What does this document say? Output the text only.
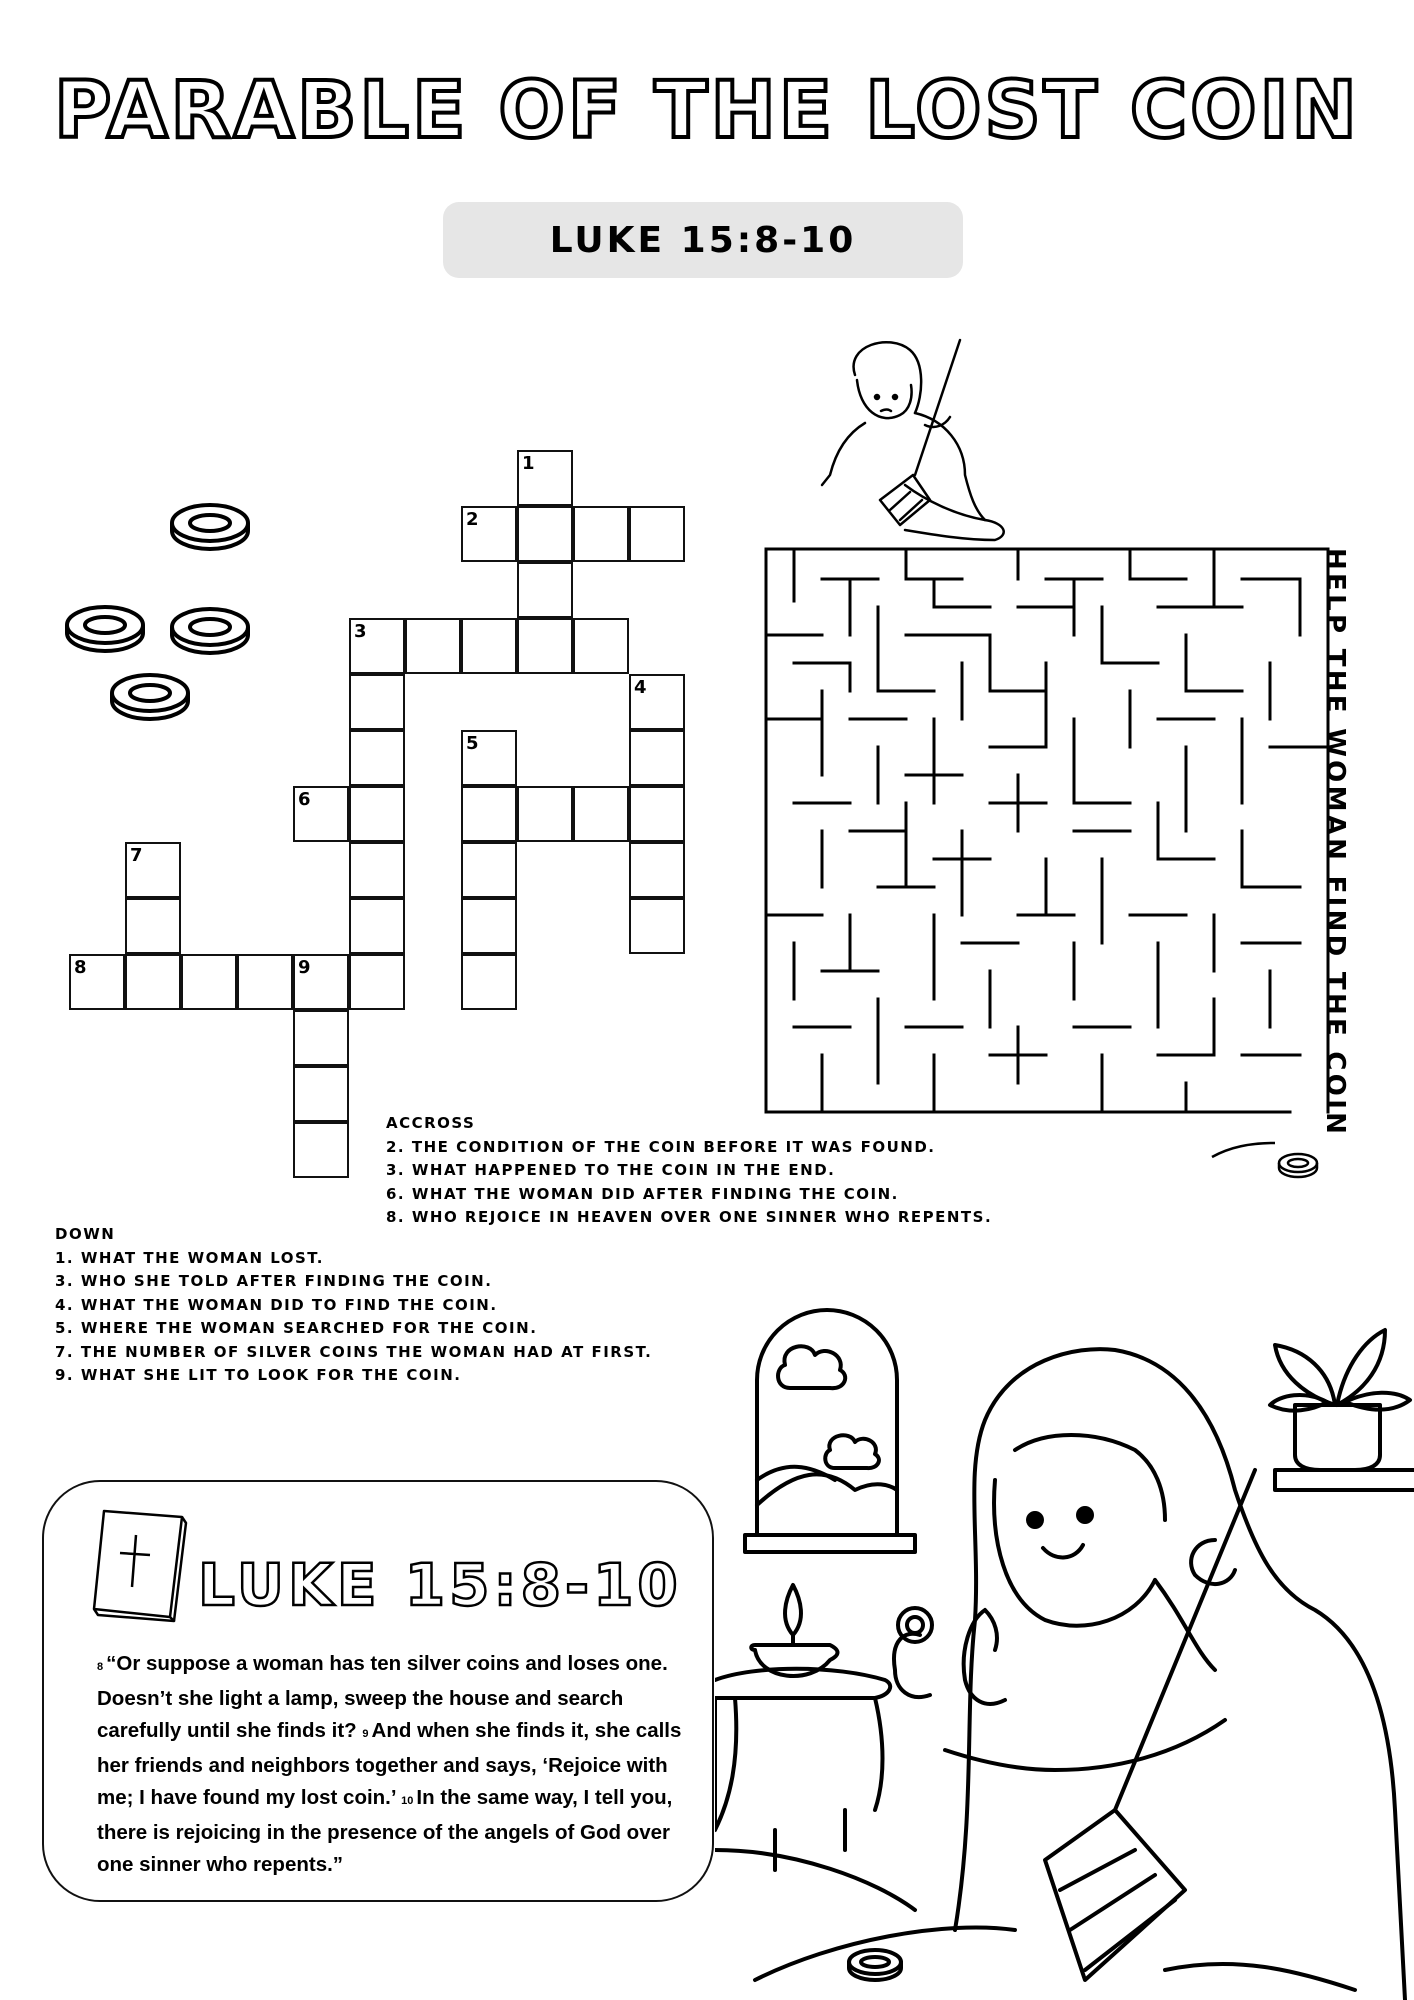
PARABLE OF THE LOST COIN
LUKE 15:8-10
1
2
3
4
5
6
7
8	9	HELP THE WOMAN FIND THE COIN
ACCROSS
2. THE CONDITION OF THE COIN BEFORE IT WAS FOUND.
3. WHAT HAPPENED TO THE COIN IN THE END.
6. WHAT THE WOMAN DID AFTER FINDING THE COIN.
8. WHO REJOICE IN HEAVEN OVER ONE SINNER WHO REPENTS.
DOWN
1. WHAT THE WOMAN LOST.
3. WHO SHE TOLD AFTER FINDING THE COIN.
4. WHAT THE WOMAN DID TO FIND THE COIN.
5. WHERE THE WOMAN SEARCHED FOR THE COIN.
7. THE NUMBER OF SILVER COINS THE WOMAN HAD AT FIRST.
9. WHAT SHE LIT TO LOOK FOR THE COIN.
LUKE 15:8-10
8 “Or suppose a woman has ten silver coins and loses one. Doesn’t she light a lamp, sweep the house and search carefully until she finds it? 9 And when she finds it, she calls her friends and neighbors together and says, ‘Rejoice with me; I have found my lost coin.’ 10 In the same way, I tell you, there is rejoicing in the presence of the angels of God over one sinner who repents.”
